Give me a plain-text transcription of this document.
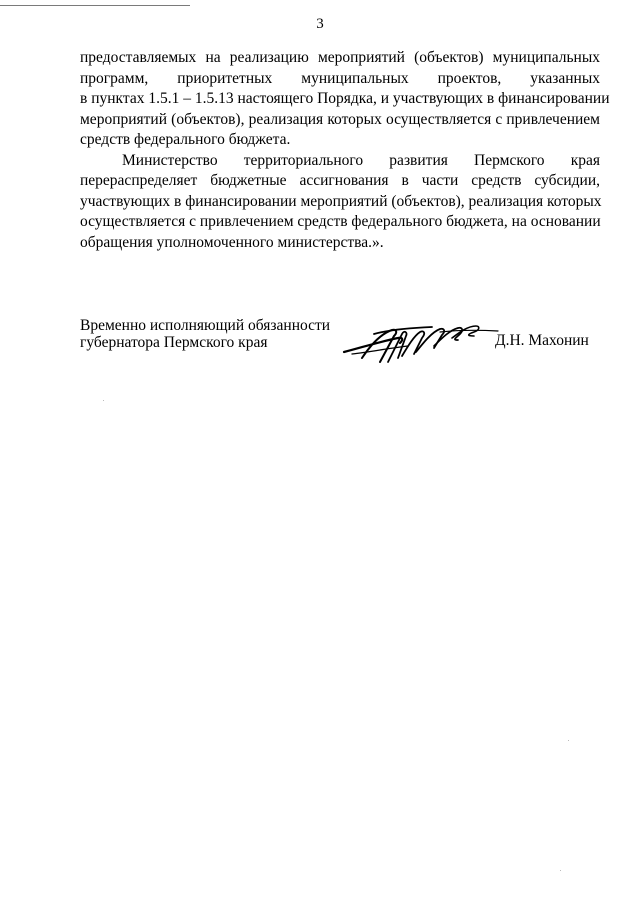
3
предоставляемых на реализацию мероприятий (объектов) муниципальных
программ, приоритетных муниципальных проектов, указанных
в пунктах 1.5.1 – 1.5.13 настоящего Порядка, и участвующих в финансировании
мероприятий (объектов), реализация которых осуществляется с привлечением
средств федерального бюджета.
Министерство территориального развития Пермского края
перераспределяет бюджетные ассигнования в части средств субсидии,
участвующих в финансировании мероприятий (объектов), реализация которых
осуществляется с привлечением средств федерального бюджета, на основании
обращения уполномоченного министерства.».
Временно исполняющий обязанности
губернатора Пермского края	Д.Н. Махонин
